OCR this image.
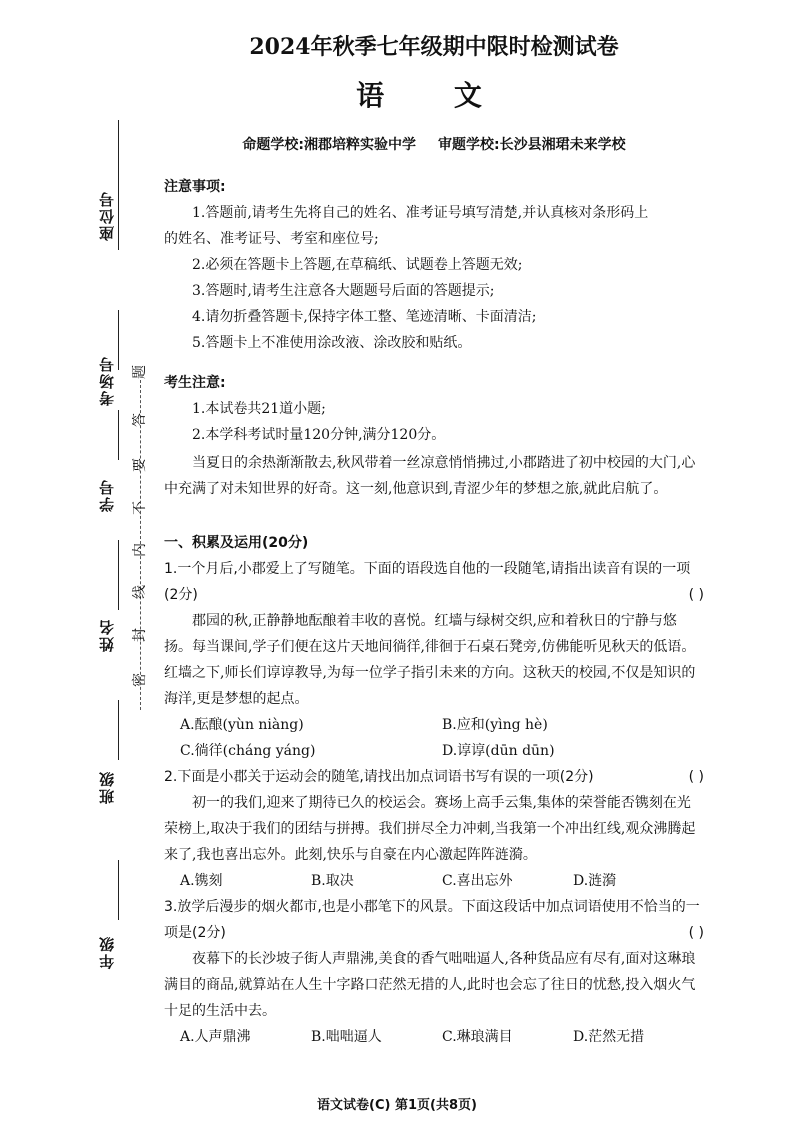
座位号
考场号
学号
姓名
班级
年级
题
答
要
不
内
线
封
密
2024年秋季七年级期中限时检测试卷
语 文
命题学校:湘郡培粹实验中学 审题学校:长沙县湘珺未来学校
注意事项:
1.答题前,请考生先将自己的姓名、准考证号填写清楚,并认真核对条形码上
的姓名、准考证号、考室和座位号;
2.必须在答题卡上答题,在草稿纸、试题卷上答题无效;
3.答题时,请考生注意各大题题号后面的答题提示;
4.请勿折叠答题卡,保持字体工整、笔迹清晰、卡面清洁;
5.答题卡上不准使用涂改液、涂改胶和贴纸。
考生注意:
1.本试卷共21道小题;
2.本学科考试时量120分钟,满分120分。
当夏日的余热渐渐散去,秋风带着一丝凉意悄悄拂过,小郡踏进了初中校园的大门,心中充满了对未知世界的好奇。这一刻,他意识到,青涩少年的梦想之旅,就此启航了。
一、积累及运用(20分)
1.一个月后,小郡爱上了写随笔。下面的语段选自他的一段随笔,请指出读音有误的一项(2分)	( )
郡园的秋,正静静地酝酿着丰收的喜悦。红墙与绿树交织,应和着秋日的宁静与悠扬。每当课间,学子们便在这片天地间徜徉,徘徊于石桌石凳旁,仿佛能听见秋天的低语。红墙之下,师长们谆谆教导,为每一位学子指引未来的方向。这秋天的校园,不仅是知识的海洋,更是梦想的起点。
A.酝酿(yùn niàng)	B.应和(yìng hè)
C.徜徉(cháng yáng)	D.谆谆(dūn dūn)
2.下面是小郡关于运动会的随笔,请找出加点词语书写有误的一项(2分)	( )
初一的我们,迎来了期待已久的校运会。赛场上高手云集,集体的荣誉能否镌刻在光荣榜上,取决于我们的团结与拼搏。我们拼尽全力冲刺,当我第一个冲出红线,观众沸腾起来了,我也喜出忘外。此刻,快乐与自豪在内心激起阵阵涟漪。
A.镌刻	B.取决	C.喜出忘外	D.涟漪
3.放学后漫步的烟火都市,也是小郡笔下的风景。下面这段话中加点词语使用不恰当的一项是(2分)	( )
夜幕下的长沙坡子街人声鼎沸,美食的香气咄咄逼人,各种货品应有尽有,面对这琳琅满目的商品,就算站在人生十字路口茫然无措的人,此时也会忘了往日的忧愁,投入烟火气十足的生活中去。
A.人声鼎沸	B.咄咄逼人	C.琳琅满目	D.茫然无措
语文试卷(C) 第1页(共8页)
